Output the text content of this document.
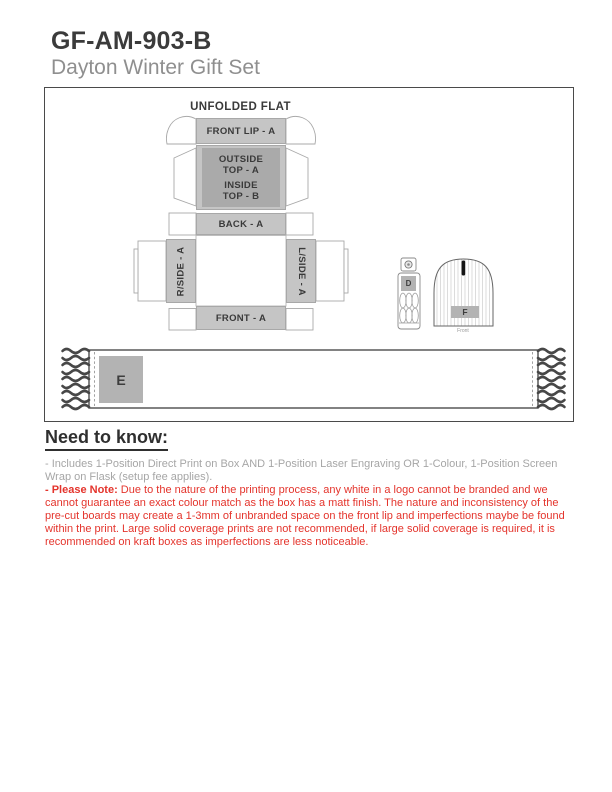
GF-AM-903-B
Dayton Winter Gift Set
UNFOLDED FLAT
FRONT LIP - A
OUTSIDE
TOP - A
INSIDE
TOP - B
BACK - A
R/SIDE - A	L/SIDE - A
FRONT - A
D
F
Front
E
Need to know:

- Includes 1-Position Direct Print on Box AND 1-Position Laser Engraving OR 1-Colour, 1-Position Screen Wrap on Flask (setup fee applies).

- Please Note: Due to the nature of the printing process, any white in a logo cannot be branded and we cannot guarantee an exact colour match as the box has a matt finish. The nature and inconsistency of the pre-cut boards may create a 1-3mm of unbranded space on the front lip and imperfections maybe be found within the print. Large solid coverage prints are not recommended, if large solid coverage is required, it is recommended on kraft boxes as imperfections are less noticeable.
